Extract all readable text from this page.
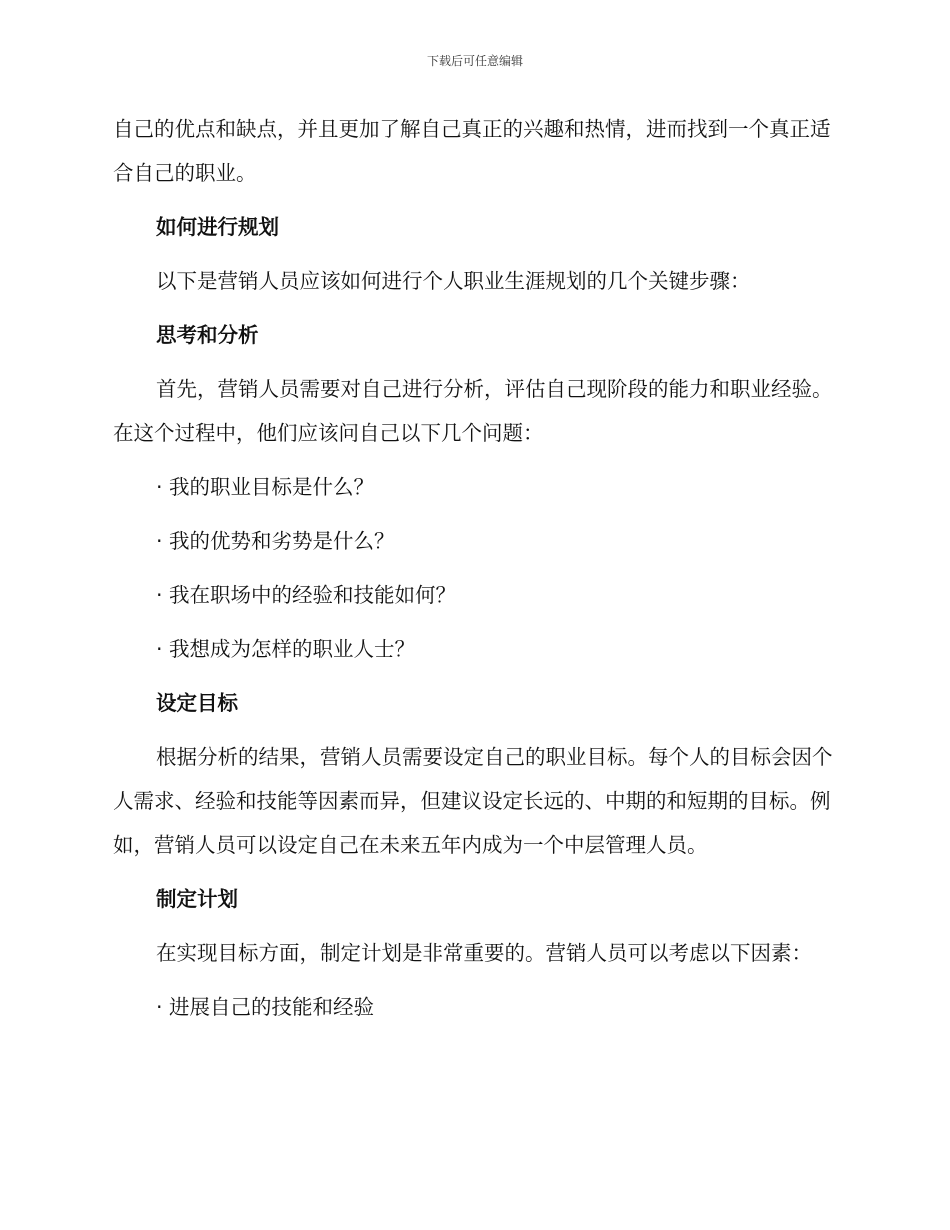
下载后可任意编辑

自己的优点和缺点，并且更加了解自己真正的兴趣和热情，进而找到一个真正适合自己的职业。

如何进行规划

以下是营销人员应该如何进行个人职业生涯规划的几个关键步骤：

思考和分析

首先，营销人员需要对自己进行分析，评估自己现阶段的能力和职业经验。在这个过程中，他们应该问自己以下几个问题：

· 我的职业目标是什么？

· 我的优势和劣势是什么？

· 我在职场中的经验和技能如何？

· 我想成为怎样的职业人士？

设定目标

根据分析的结果，营销人员需要设定自己的职业目标。每个人的目标会因个人需求、经验和技能等因素而异，但建议设定长远的、中期的和短期的目标。例如，营销人员可以设定自己在未来五年内成为一个中层管理人员。

制定计划

在实现目标方面，制定计划是非常重要的。营销人员可以考虑以下因素：

· 进展自己的技能和经验
